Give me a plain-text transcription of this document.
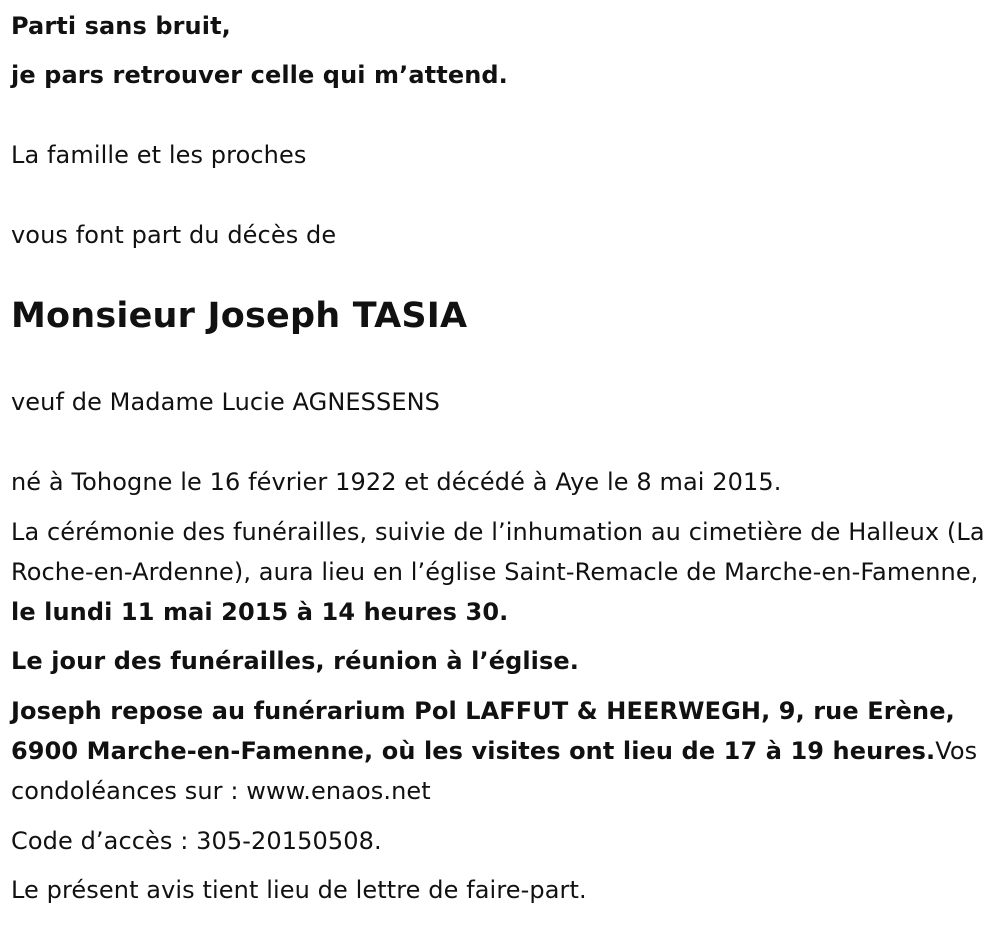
Parti sans bruit,

je pars retrouver celle qui m’attend.

La famille et les proches

vous font part du décès de

Monsieur Joseph TASIA

veuf de Madame Lucie AGNESSENS

né à Tohogne le 16 février 1922 et décédé à Aye le 8 mai 2015.

La cérémonie des funérailles, suivie de l’inhumation au cimetière de Halleux (La Roche-en-Ardenne), aura lieu en l’église Saint-Remacle de Marche-en-Famenne, le lundi 11 mai 2015 à 14 heures 30.

Le jour des funérailles, réunion à l’église.

Joseph repose au funérarium Pol LAFFUT & HEERWEGH, 9, rue Erène, 6900 Marche-en-Famenne, où les visites ont lieu de 17 à 19 heures.Vos condoléances sur : www.enaos.net

Code d’accès : 305-20150508.

Le présent avis tient lieu de lettre de faire-part.
